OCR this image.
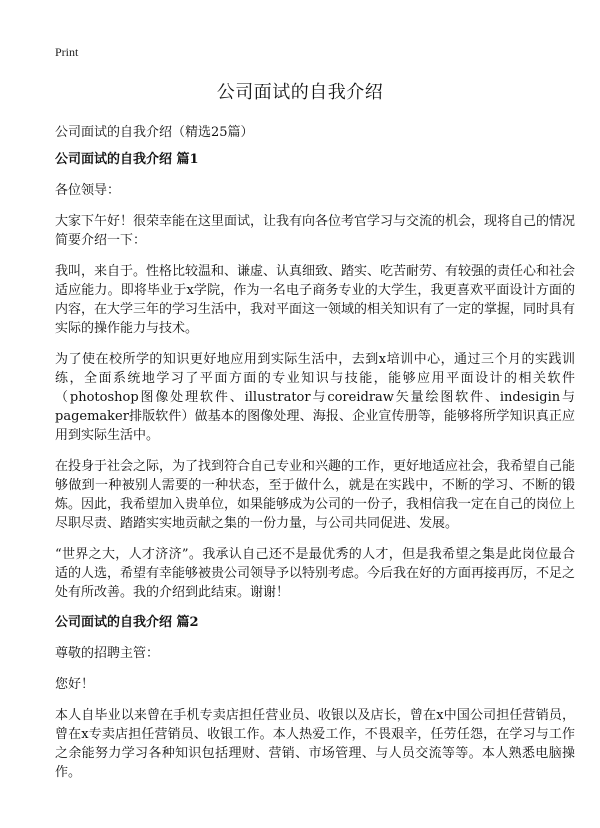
Print
公司面试的自我介绍
公司面试的自我介绍（精选25篇）
公司面试的自我介绍 篇1

各位领导：

大家下午好！很荣幸能在这里面试，让我有向各位考官学习与交流的机会，现将自己的情况简要介绍一下：

我叫，来自于。性格比较温和、谦虚、认真细致、踏实、吃苦耐劳、有较强的责任心和社会适应能力。即将毕业于x学院，作为一名电子商务专业的大学生，我更喜欢平面设计方面的内容，在大学三年的学习生活中，我对平面这一领域的相关知识有了一定的掌握，同时具有实际的操作能力与技术。

为了使在校所学的知识更好地应用到实际生活中，去到x培训中心，通过三个月的实践训练，全面系统地学习了平面方面的专业知识与技能，能够应用平面设计的相关软件（photoshop图像处理软件、illustrator与coreidraw矢量绘图软件、indesigin与pagemaker排版软件）做基本的图像处理、海报、企业宣传册等，能够将所学知识真正应用到实际生活中。

在投身于社会之际，为了找到符合自己专业和兴趣的工作，更好地适应社会，我希望自己能够做到一种被别人需要的一种状态，至于做什么，就是在实践中，不断的学习、不断的锻炼。因此，我希望加入贵单位，如果能够成为公司的一份子，我相信我一定在自己的岗位上尽职尽责、踏踏实实地贡献之集的一份力量，与公司共同促进、发展。

“世界之大，人才济济”。我承认自己还不是最优秀的人才，但是我希望之集是此岗位最合适的人选，希望有幸能够被贵公司领导予以特别考虑。今后我在好的方面再接再厉，不足之处有所改善。我的介绍到此结束。谢谢！

公司面试的自我介绍 篇2

尊敬的招聘主管：

您好！

本人自毕业以来曾在手机专卖店担任营业员、收银以及店长，曾在x中国公司担任营销员，曾在x专卖店担任营销员、收银工作。本人热爱工作，不畏艰辛，任劳任怨，在学习与工作之余能努力学习各种知识包括理财、营销、市场管理、与人员交流等等。本人熟悉电脑操作。
